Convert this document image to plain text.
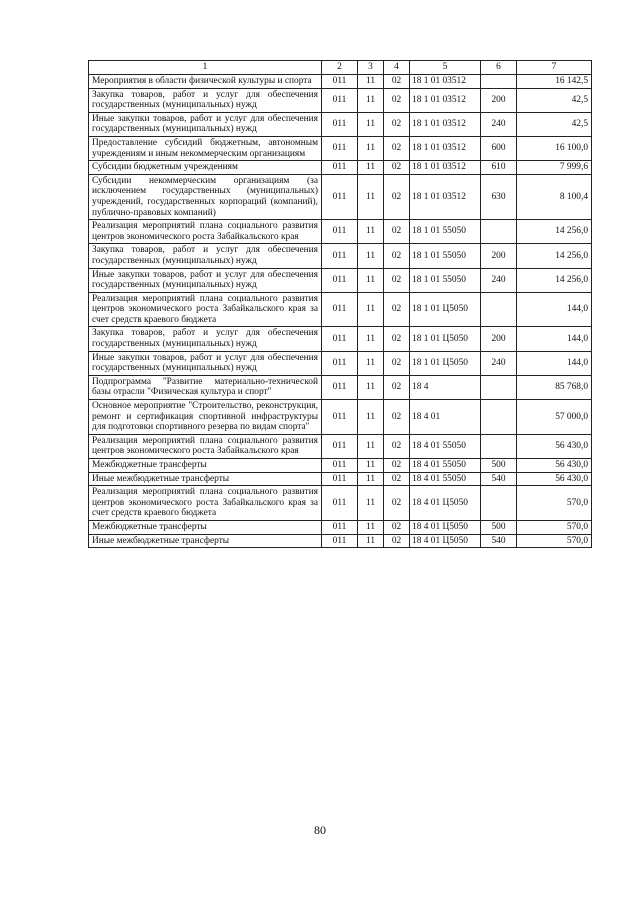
1	2	3	4	5	6	7
Мероприятия в области физической культуры и спорта	011	11	02	18 1 01 03512		16 142,5
Закупка товаров, работ и услуг для обеспечения государственных (муниципальных) нужд	011	11	02	18 1 01 03512	200	42,5
Иные закупки товаров, работ и услуг для обеспечения государственных (муниципальных) нужд	011	11	02	18 1 01 03512	240	42,5
Предоставление субсидий бюджетным, автономным учреждениям и иным некоммерческим организациям	011	11	02	18 1 01 03512	600	16 100,0
Субсидии бюджетным учреждениям	011	11	02	18 1 01 03512	610	7 999,6
Субсидии некоммерческим организациям (за исключением государственных (муниципальных) учреждений, государственных корпораций (компаний), публично-правовых компаний)	011	11	02	18 1 01 03512	630	8 100,4
Реализация мероприятий плана социального развития центров экономического роста Забайкальского края	011	11	02	18 1 01 55050		14 256,0
Закупка товаров, работ и услуг для обеспечения государственных (муниципальных) нужд	011	11	02	18 1 01 55050	200	14 256,0
Иные закупки товаров, работ и услуг для обеспечения государственных (муниципальных) нужд	011	11	02	18 1 01 55050	240	14 256,0
Реализация мероприятий плана социального развития центров экономического роста Забайкальского края за счет средств краевого бюджета	011	11	02	18 1 01 Ц5050		144,0
Закупка товаров, работ и услуг для обеспечения государственных (муниципальных) нужд	011	11	02	18 1 01 Ц5050	200	144,0
Иные закупки товаров, работ и услуг для обеспечения государственных (муниципальных) нужд	011	11	02	18 1 01 Ц5050	240	144,0
Подпрограмма "Развитие материально-технической базы отрасли "Физическая культура и спорт"	011	11	02	18 4		85 768,0
Основное мероприятие "Строительство, реконструкция, ремонт и сертификация спортивной инфраструктуры для подготовки спортивного резерва по видам спорта"	011	11	02	18 4 01		57 000,0
Реализация мероприятий плана социального развития центров экономического роста Забайкальского края	011	11	02	18 4 01 55050		56 430,0
Межбюджетные трансферты	011	11	02	18 4 01 55050	500	56 430,0
Иные межбюджетные трансферты	011	11	02	18 4 01 55050	540	56 430,0
Реализация мероприятий плана социального развития центров экономического роста Забайкальского края за счет средств краевого бюджета	011	11	02	18 4 01 Ц5050		570,0
Межбюджетные трансферты	011	11	02	18 4 01 Ц5050	500	570,0
Иные межбюджетные трансферты	011	11	02	18 4 01 Ц5050	540	570,0
80
